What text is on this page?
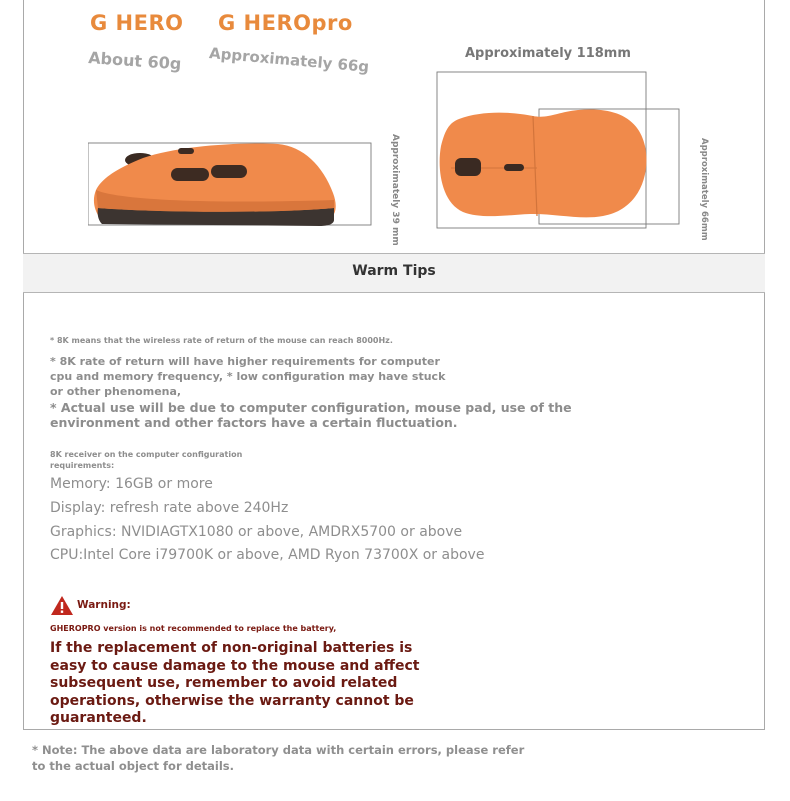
G HERO G HEROpro
About 60g Approximately 66g
Approximately 39 mm
Approximately 118mm
Approximately 66mm
Warm Tips
* 8K means that the wireless rate of return of the mouse can reach 8000Hz.
* 8K rate of return will have higher requirements for computer cpu and memory frequency, * low configuration may have stuck or other phenomena,
* Actual use will be due to computer configuration, mouse pad, use of the environment and other factors have a certain fluctuation.
8K receiver on the computer configuration requirements:
Memory: 16GB or more
Display: refresh rate above 240Hz
Graphics: NVIDIAGTX1080 or above, AMDRX5700 or above
CPU:Intel Core i79700K or above, AMD Ryon 73700X or above
Warning:
GHEROPRO version is not recommended to replace the battery,
If the replacement of non-original batteries is easy to cause damage to the mouse and affect subsequent use, remember to avoid related operations, otherwise the warranty cannot be guaranteed.
* Note: The above data are laboratory data with certain errors, please refer to the actual object for details.
